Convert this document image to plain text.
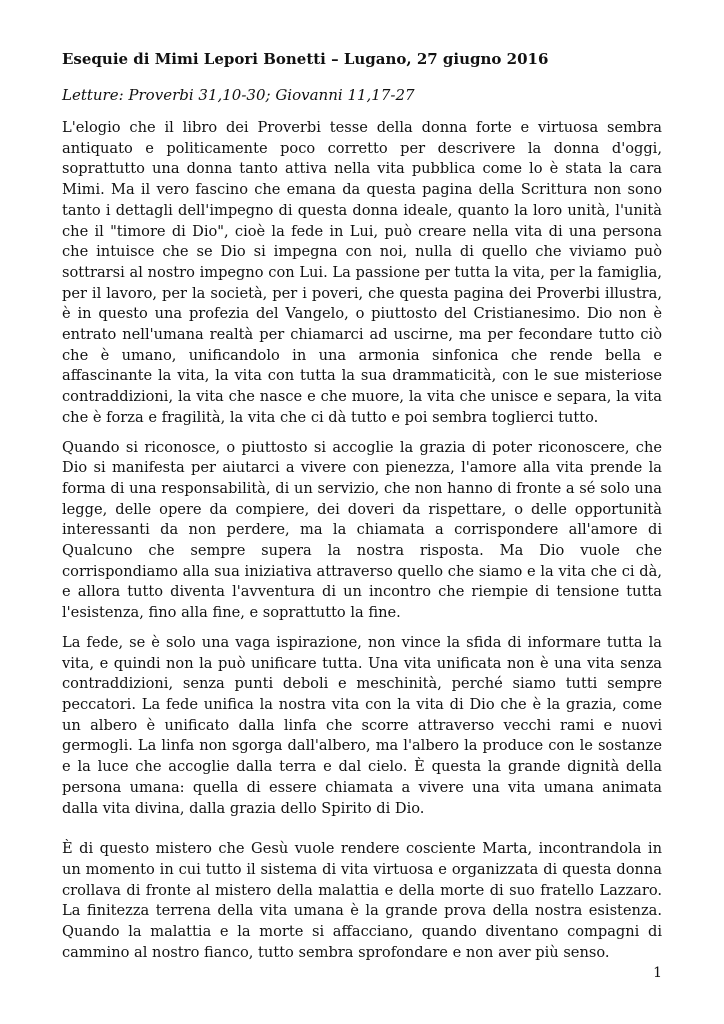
Esequie di Mimi Lepori Bonetti – Lugano, 27 giugno 2016
Letture: Proverbi 31,10-30; Giovanni 11,17-27

L'elogio che il libro dei Proverbi tesse della donna forte e virtuosa sembra antiquato e politicamente poco corretto per descrivere la donna d'oggi, soprattutto una donna tanto attiva nella vita pubblica come lo è stata la cara Mimi. Ma il vero fascino che emana da questa pagina della Scrittura non sono tanto i dettagli dell'impegno di questa donna ideale, quanto la loro unità, l'unità che il "timore di Dio", cioè la fede in Lui, può creare nella vita di una persona che intuisce che se Dio si impegna con noi, nulla di quello che viviamo può sottrarsi al nostro impegno con Lui. La passione per tutta la vita, per la famiglia, per il lavoro, per la società, per i poveri, che questa pagina dei Proverbi illustra, è in questo una profezia del Vangelo, o piuttosto del Cristianesimo. Dio non è entrato nell'umana realtà per chiamarci ad uscirne, ma per fecondare tutto ciò che è umano, unificandolo in una armonia sinfonica che rende bella e affascinante la vita, la vita con tutta la sua drammaticità, con le sue misteriose contraddizioni, la vita che nasce e che muore, la vita che unisce e separa, la vita che è forza e fragilità, la vita che ci dà tutto e poi sembra toglierci tutto.

Quando si riconosce, o piuttosto si accoglie la grazia di poter riconoscere, che Dio si manifesta per aiutarci a vivere con pienezza, l'amore alla vita prende la forma di una responsabilità, di un servizio, che non hanno di fronte a sé solo una legge, delle opere da compiere, dei doveri da rispettare, o delle opportunità interessanti da non perdere, ma la chiamata a corrispondere all'amore di Qualcuno che sempre supera la nostra risposta. Ma Dio vuole che corrispondiamo alla sua iniziativa attraverso quello che siamo e la vita che ci dà, e allora tutto diventa l'avventura di un incontro che riempie di tensione tutta l'esistenza, fino alla fine, e soprattutto la fine.

La fede, se è solo una vaga ispirazione, non vince la sfida di informare tutta la vita, e quindi non la può unificare tutta. Una vita unificata non è una vita senza contraddizioni, senza punti deboli e meschinità, perché siamo tutti sempre peccatori. La fede unifica la nostra vita con la vita di Dio che è la grazia, come un albero è unificato dalla linfa che scorre attraverso vecchi rami e nuovi germogli. La linfa non sgorga dall'albero, ma l'albero la produce con le sostanze e la luce che accoglie dalla terra e dal cielo. È questa la grande dignità della persona umana: quella di essere chiamata a vivere una vita umana animata dalla vita divina, dalla grazia dello Spirito di Dio.

È di questo mistero che Gesù vuole rendere cosciente Marta, incontrandola in un momento in cui tutto il sistema di vita virtuosa e organizzata di questa donna crollava di fronte al mistero della malattia e della morte di suo fratello Lazzaro. La finitezza terrena della vita umana è la grande prova della nostra esistenza. Quando la malattia e la morte si affacciano, quando diventano compagni di cammino al nostro fianco, tutto sembra sprofondare e non aver più senso.

1
